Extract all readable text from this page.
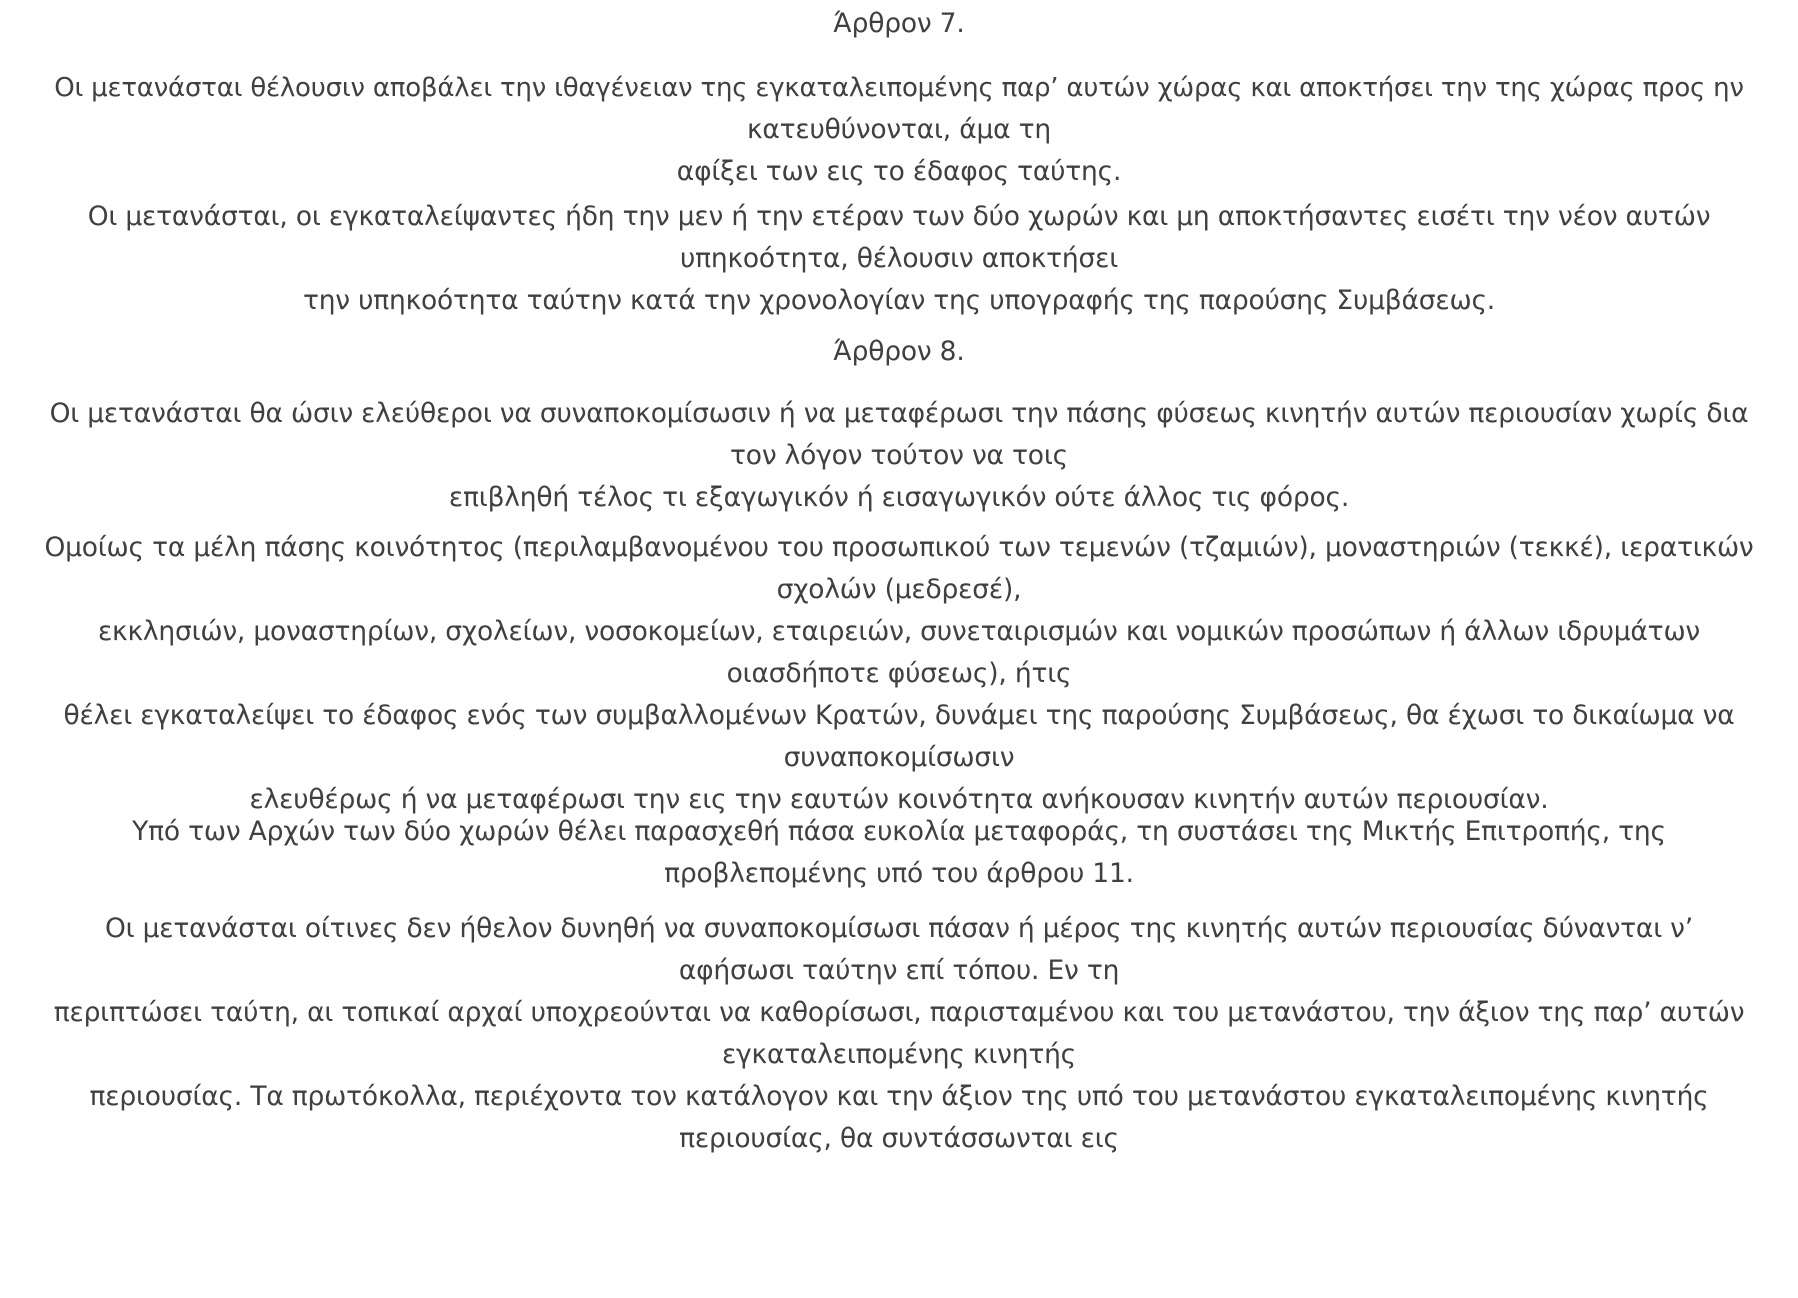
Άρθρον 7.

Οι μετανάσται θέλουσιν αποβάλει την ιθαγένειαν της εγκαταλειπομένης παρ’ αυτών χώρας και αποκτήσει την της χώρας προς ην
κατευθύνονται, άμα τη
αφίξει των εις το έδαφος ταύτης.

Οι μετανάσται, οι εγκαταλείψαντες ήδη την μεν ή την ετέραν των δύο χωρών και μη αποκτήσαντες εισέτι την νέον αυτών
υπηκοότητα, θέλουσιν αποκτήσει
την υπηκοότητα ταύτην κατά την χρονολογίαν της υπογραφής της παρούσης Συμβάσεως.

Άρθρον 8.

Οι μετανάσται θα ώσιν ελεύθεροι να συναποκομίσωσιν ή να μεταφέρωσι την πάσης φύσεως κινητήν αυτών περιουσίαν χωρίς δια
τον λόγον τούτον να τοις
επιβληθή τέλος τι εξαγωγικόν ή εισαγωγικόν ούτε άλλος τις φόρος.

Ομοίως τα μέλη πάσης κοινότητος (περιλαμβανομένου του προσωπικού των τεμενών (τζαμιών), μοναστηριών (τεκκέ), ιερατικών
σχολών (μεδρεσέ),
εκκλησιών, μοναστηρίων, σχολείων, νοσοκομείων, εταιρειών, συνεταιρισμών και νομικών προσώπων ή άλλων ιδρυμάτων
οιασδήποτε φύσεως), ήτις
θέλει εγκαταλείψει το έδαφος ενός των συμβαλλομένων Κρατών, δυνάμει της παρούσης Συμβάσεως, θα έχωσι το δικαίωμα να
συναποκομίσωσιν
ελευθέρως ή να μεταφέρωσι την εις την εαυτών κοινότητα ανήκουσαν κινητήν αυτών περιουσίαν.

Υπό των Αρχών των δύο χωρών θέλει παρασχεθή πάσα ευκολία μεταφοράς, τη συστάσει της Μικτής Επιτροπής, της
προβλεπομένης υπό του άρθρου 11.

Οι μετανάσται οίτινες δεν ήθελον δυνηθή να συναποκομίσωσι πάσαν ή μέρος της κινητής αυτών περιουσίας δύνανται ν’
αφήσωσι ταύτην επί τόπου. Εν τη
περιπτώσει ταύτη, αι τοπικαί αρχαί υποχρεούνται να καθορίσωσι, παρισταμένου και του μετανάστου, την άξιον της παρ’ αυτών
εγκαταλειπομένης κινητής
περιουσίας. Τα πρωτόκολλα, περιέχοντα τον κατάλογον και την άξιον της υπό του μετανάστου εγκαταλειπομένης κινητής
περιουσίας, θα συντάσσωνται εις
